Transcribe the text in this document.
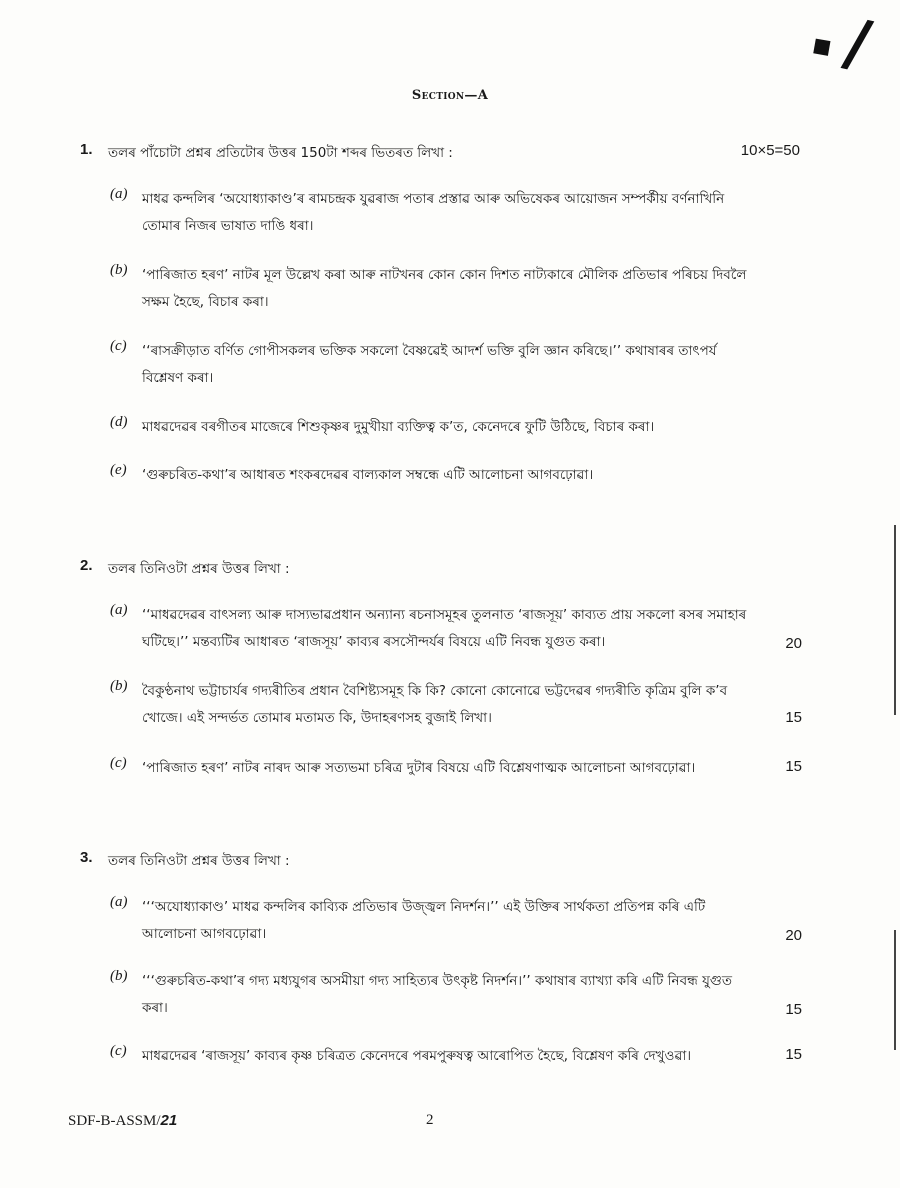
▪ /
Section—A
1. তলৰ পাঁচোটা প্ৰশ্নৰ প্ৰতিটোৰ উত্তৰ 150টা শব্দৰ ভিতৰত লিখা :	10×5=50
(a) মাধৱ কন্দলিৰ ‘অযোধ্যাকাণ্ড’ৰ ৰামচন্দ্ৰক যুৱৰাজ পতাৰ প্ৰস্তাৱ আৰু অভিষেকৰ আয়োজন সম্পৰ্কীয় বৰ্ণনাখিনি তোমাৰ নিজৰ ভাষাত দাঙি ধৰা।
(b) ‘পাৰিজাত হৰণ’ নাটৰ মূল উল্লেখ কৰা আৰু নাটখনৰ কোন কোন দিশত নাট্যকাৰে মৌলিক প্ৰতিভাৰ পৰিচয় দিবলৈ সক্ষম হৈছে, বিচাৰ কৰা।
(c) ‘‘ৰাসক্ৰীড়াত বৰ্ণিত গোপীসকলৰ ভক্তিক সকলো বৈষ্ণৱেই আদৰ্শ ভক্তি বুলি জ্ঞান কৰিছে।’’ কথাষাৰৰ তাৎপৰ্য বিশ্লেষণ কৰা।
(d) মাধৱদেৱৰ বৰগীতৰ মাজেৰে শিশুকৃষ্ণৰ দুমুখীয়া ব্যক্তিত্ব ক’ত, কেনেদৰে ফুটি উঠিছে, বিচাৰ কৰা।
(e) ‘গুৰুচৰিত-কথা’ৰ আধাৰত শংকৰদেৱৰ বাল্যকাল সম্বন্ধে এটি আলোচনা আগবঢ়োৱা।
2. তলৰ তিনিওটা প্ৰশ্নৰ উত্তৰ লিখা :
(a) ‘‘মাধৱদেৱৰ বাৎসল্য আৰু দাস্যভাৱপ্ৰধান অন্যান্য ৰচনাসমূহৰ তুলনাত ‘ৰাজসূয়’ কাব্যত প্ৰায় সকলো ৰসৰ সমাহাৰ ঘটিছে।’’ মন্তব্যটিৰ আধাৰত ‘ৰাজসূয়’ কাব্যৰ ৰসসৌন্দৰ্যৰ বিষয়ে এটি নিবন্ধ যুগুত কৰা।	20
(b) বৈকুণ্ঠনাথ ভট্টাচাৰ্যৰ গদ্যৰীতিৰ প্ৰধান বৈশিষ্ট্যসমূহ কি কি? কোনো কোনোৱে ভট্টদেৱৰ গদ্যৰীতি কৃত্ৰিম বুলি ক’ব খোজে। এই সন্দৰ্ভত তোমাৰ মতামত কি, উদাহৰণসহ বুজাই লিখা।	15
(c) ‘পাৰিজাত হৰণ’ নাটৰ নাৰদ আৰু সত্যভমা চৰিত্ৰ দুটাৰ বিষয়ে এটি বিশ্লেষণাত্মক আলোচনা আগবঢ়োৱা।	15
3. তলৰ তিনিওটা প্ৰশ্নৰ উত্তৰ লিখা :
(a) ‘‘‘অযোধ্যাকাণ্ড’ মাধৱ কন্দলিৰ কাব্যিক প্ৰতিভাৰ উজ্জ্বল নিদৰ্শন।’’ এই উক্তিৰ সাৰ্থকতা প্ৰতিপন্ন কৰি এটি আলোচনা আগবঢ়োৱা।	20
(b) ‘‘‘গুৰুচৰিত-কথা’ৰ গদ্য মধ্যযুগৰ অসমীয়া গদ্য সাহিত্যৰ উৎকৃষ্ট নিদৰ্শন।’’ কথাষাৰ ব্যাখ্যা কৰি এটি নিবন্ধ যুগুত কৰা।	15
(c) মাধৱদেৱৰ ‘ৰাজসূয়’ কাব্যৰ কৃষ্ণ চৰিত্ৰত কেনেদৰে পৰমপুৰুষত্ব আৰোপিত হৈছে, বিশ্লেষণ কৰি দেখুওৱা।	15
SDF-B-ASSM/21	2
